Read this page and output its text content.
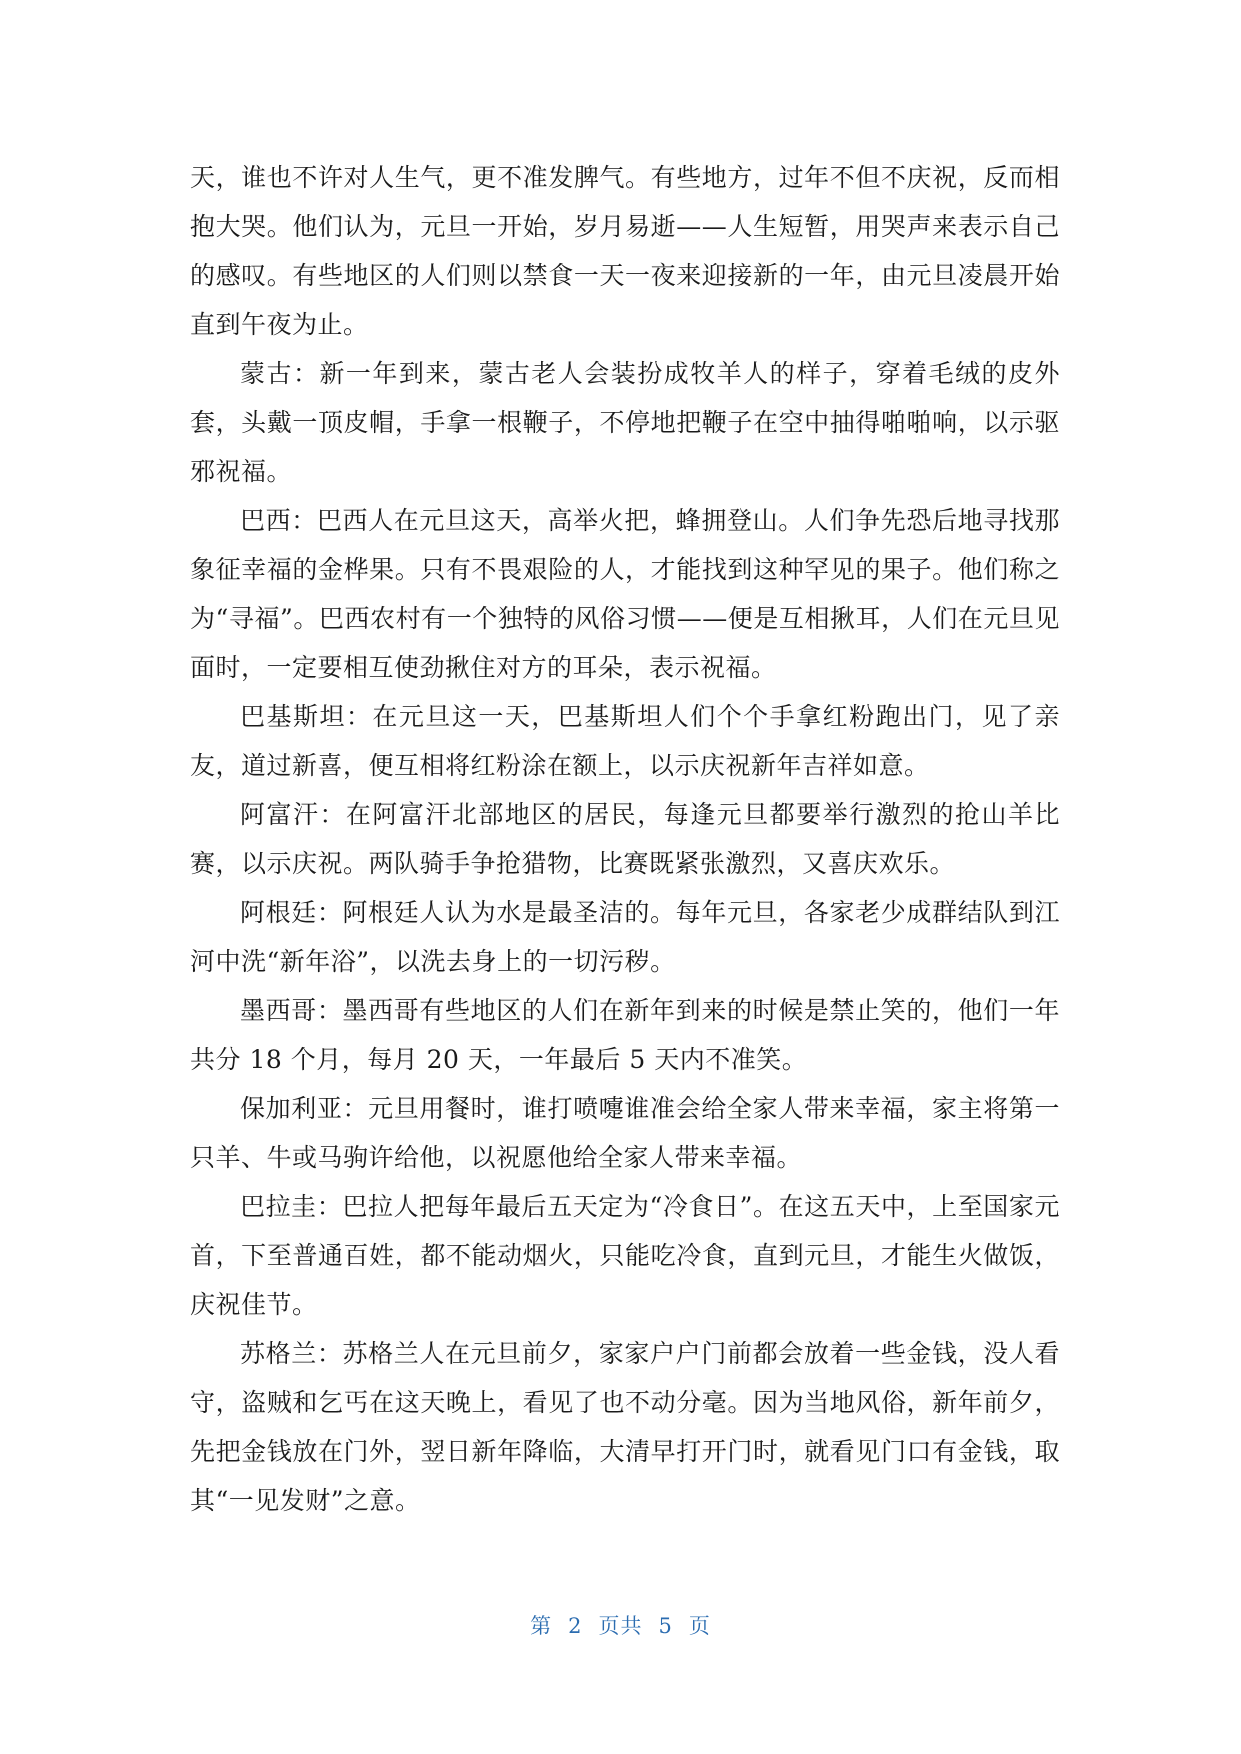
天，谁也不许对人生气，更不准发脾气。有些地方，过年不但不庆祝，反而相抱大哭。他们认为，元旦一开始，岁月易逝——人生短暂，用哭声来表示自己的感叹。有些地区的人们则以禁食一天一夜来迎接新的一年，由元旦凌晨开始直到午夜为止。

蒙古：新一年到来，蒙古老人会装扮成牧羊人的样子，穿着毛绒的皮外套，头戴一顶皮帽，手拿一根鞭子，不停地把鞭子在空中抽得啪啪响，以示驱邪祝福。

巴西：巴西人在元旦这天，高举火把，蜂拥登山。人们争先恐后地寻找那象征幸福的金桦果。只有不畏艰险的人，才能找到这种罕见的果子。他们称之为“寻福”。巴西农村有一个独特的风俗习惯——便是互相揪耳，人们在元旦见面时，一定要相互使劲揪住对方的耳朵，表示祝福。

巴基斯坦：在元旦这一天，巴基斯坦人们个个手拿红粉跑出门，见了亲友，道过新喜，便互相将红粉涂在额上，以示庆祝新年吉祥如意。

阿富汗：在阿富汗北部地区的居民，每逢元旦都要举行激烈的抢山羊比赛，以示庆祝。两队骑手争抢猎物，比赛既紧张激烈，又喜庆欢乐。

阿根廷：阿根廷人认为水是最圣洁的。每年元旦，各家老少成群结队到江河中洗“新年浴”，以洗去身上的一切污秽。

墨西哥：墨西哥有些地区的人们在新年到来的时候是禁止笑的，他们一年共分 18 个月，每月 20 天，一年最后 5 天内不准笑。

保加利亚：元旦用餐时，谁打喷嚏谁准会给全家人带来幸福，家主将第一只羊、牛或马驹许给他，以祝愿他给全家人带来幸福。

巴拉圭：巴拉人把每年最后五天定为“冷食日”。在这五天中，上至国家元首，下至普通百姓，都不能动烟火，只能吃冷食，直到元旦，才能生火做饭，庆祝佳节。

苏格兰：苏格兰人在元旦前夕，家家户户门前都会放着一些金钱，没人看守，盗贼和乞丐在这天晚上，看见了也不动分毫。因为当地风俗，新年前夕，先把金钱放在门外，翌日新年降临，大清早打开门时，就看见门口有金钱，取其“一见发财”之意。

第 2 页共 5 页
